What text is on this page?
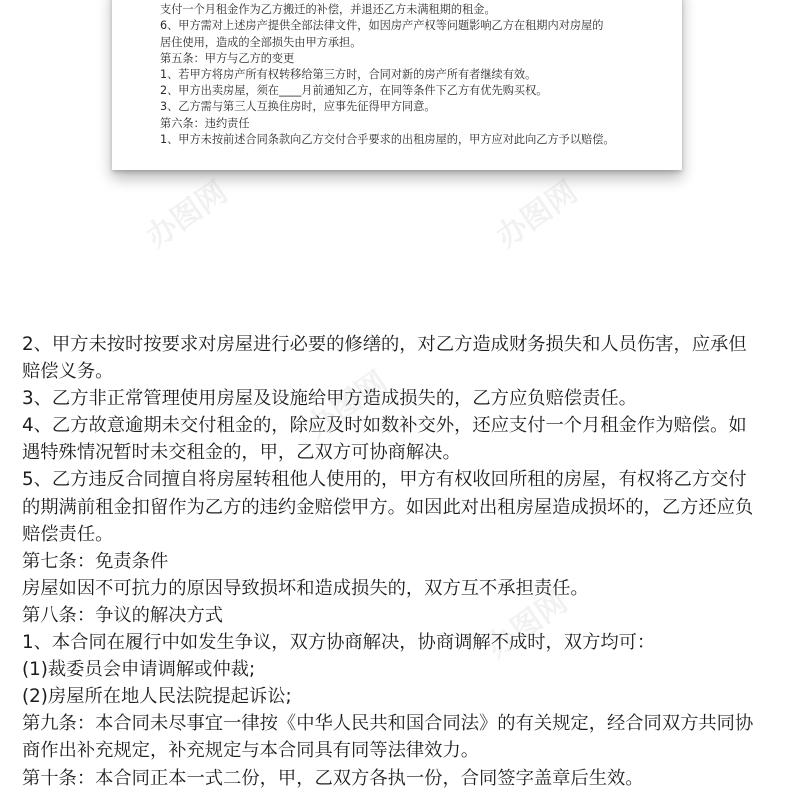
支付一个月租金作为乙方搬迁的补偿，并退还乙方未满租期的租金。
6、甲方需对上述房产提供全部法律文件，如因房产产权等问题影响乙方在租期内对房屋的
居住使用，造成的全部损失由甲方承担。
第五条：甲方与乙方的变更
1、若甲方将房产所有权转移给第三方时，合同对新的房产所有者继续有效。
2、甲方出卖房屋，须在____月前通知乙方，在同等条件下乙方有优先购买权。
3、乙方需与第三人互换住房时，应事先征得甲方同意。
第六条：违约责任
1、甲方未按前述合同条款向乙方交付合乎要求的出租房屋的，甲方应对此向乙方予以赔偿。
办图网	办图网
办图网
办图网
2、甲方未按时按要求对房屋进行必要的修缮的，对乙方造成财务损失和人员伤害，应承但
赔偿义务。
3、乙方非正常管理使用房屋及设施给甲方造成损失的，乙方应负赔偿责任。
4、乙方故意逾期未交付租金的，除应及时如数补交外，还应支付一个月租金作为赔偿。如
遇特殊情况暂时未交租金的，甲，乙双方可协商解决。
5、乙方违反合同擅自将房屋转租他人使用的，甲方有权收回所租的房屋，有权将乙方交付
的期满前租金扣留作为乙方的违约金赔偿甲方。如因此对出租房屋造成损坏的，乙方还应负
赔偿责任。
第七条：免责条件
房屋如因不可抗力的原因导致损坏和造成损失的，双方互不承担责任。
第八条：争议的解决方式
1、本合同在履行中如发生争议，双方协商解决，协商调解不成时，双方均可：
(1)裁委员会申请调解或仲裁;
(2)房屋所在地人民法院提起诉讼;
第九条：本合同未尽事宜一律按《中华人民共和国合同法》的有关规定，经合同双方共同协
商作出补充规定，补充规定与本合同具有同等法律效力。
第十条：本合同正本一式二份，甲，乙双方各执一份，合同签字盖章后生效。
